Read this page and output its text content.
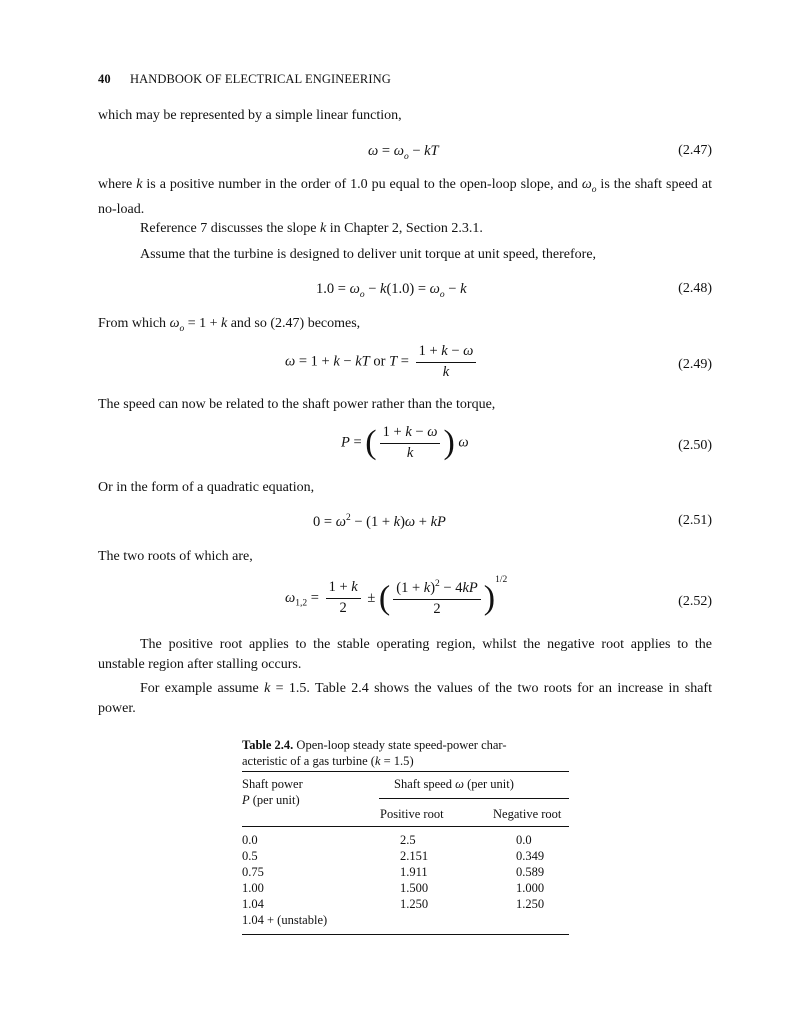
40 HANDBOOK OF ELECTRICAL ENGINEERING
which may be represented by a simple linear function,
$\omega = \omega_o$ − kT	(2.47)
where k is a positive number in the order of 1.0 pu equal to the open-loop slope, and $\omega_o$ is the shaft speed at no-load.
Reference 7 discusses the slope k in Chapter 2, Section 2.3.1.
Assume that the turbine is designed to deliver unit torque at unit speed, therefore,
$1.0 = \omega_o - k(1.0) = \omega_o - k$	(2.48)
From which $\omega_o = 1 + k$ and so (2.47) becomes,
ω = 1 + k − kT or $T = \frac{1 + k - \omega}{k}$	(2.49)
The speed can now be related to the shaft power rather than the torque,
P = ( $\frac{1 + k - \omega}{k}$ ) ω	(2.50)
Or in the form of a quadratic equation,
$0 = \omega^2 - (1 + k)\omega$ + kP	(2.51)
The two roots of which are,
$\omega_{1,2} = \frac{1 + k}{2}$ ± ( $\frac{(1 + k)^2 - 4kP}{2} )^{1/2}$
(2.52)
The positive root applies to the stable operating region, whilst the negative root applies to the unstable region after stalling occurs.
For example assume k = 1.5. Table 2.4 shows the values of the two roots for an increase in shaft power.
Table 2.4. Open-loop steady state speed-power char-
acteristic of a gas turbine (k = 1.5)
Shaft power
P (per unit)
Shaft speed ω (per unit)
Positive root	Negative root
0.0	2.5	0.0
0.5	2.151	0.349
0.75	1.911	0.589
1.00	1.500	1.000
1.04	1.250	1.250
1.04 + (unstable)
